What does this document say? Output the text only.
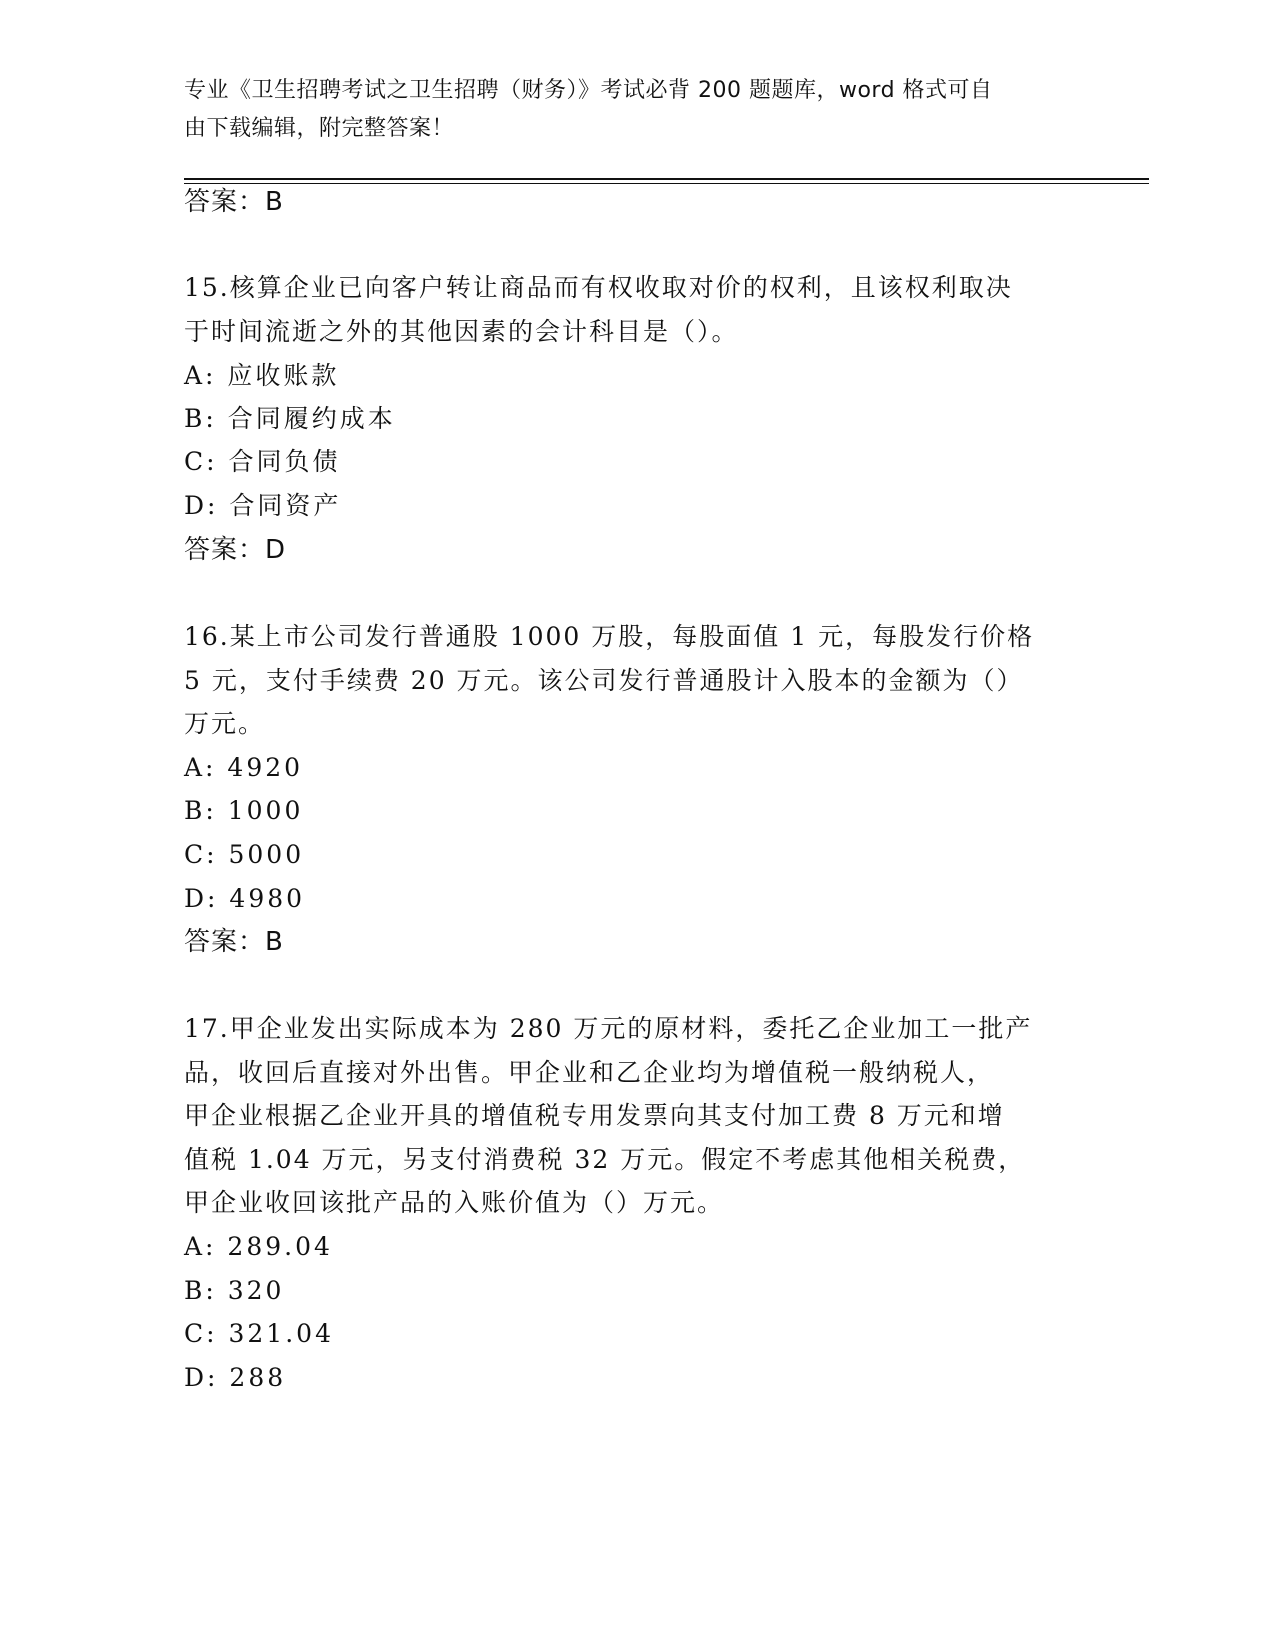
专业《卫生招聘考试之卫生招聘（财务）》考试必背 200 题题库，word 格式可自
由下载编辑，附完整答案！
答案：B
15.核算企业已向客户转让商品而有权收取对价的权利，且该权利取决
于时间流逝之外的其他因素的会计科目是（）。
A: 应收账款
B: 合同履约成本
C: 合同负债
D: 合同资产
答案：D
16.某上市公司发行普通股 1000 万股，每股面值 1 元，每股发行价格
5 元，支付手续费 20 万元。该公司发行普通股计入股本的金额为（）
万元。
A: 4920
B: 1000
C: 5000
D: 4980
答案：B
17.甲企业发出实际成本为 280 万元的原材料，委托乙企业加工一批产
品，收回后直接对外出售。甲企业和乙企业均为增值税一般纳税人，
甲企业根据乙企业开具的增值税专用发票向其支付加工费 8 万元和增
值税 1.04 万元，另支付消费税 32 万元。假定不考虑其他相关税费，
甲企业收回该批产品的入账价值为（）万元。
A: 289.04
B: 320
C: 321.04
D: 288
